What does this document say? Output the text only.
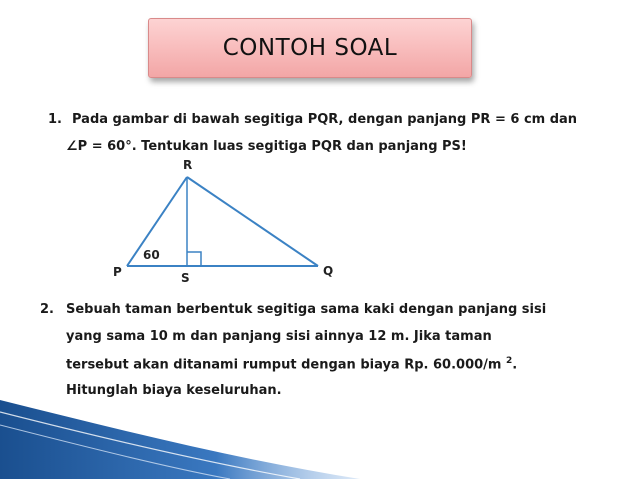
CONTOH SOAL
1. Pada gambar di bawah segitiga PQR, dengan panjang PR = 6 cm dan
∠P = 60°. Tentukan luas segitiga PQR dan panjang PS!
R
P	S	Q
60
2. Sebuah taman berbentuk segitiga sama kaki dengan panjang sisi
yang sama 10 m dan panjang sisi ainnya 12 m. Jika taman
tersebut akan ditanami rumput dengan biaya Rp. 60.000/m $^2$.
Hitunglah biaya keseluruhan.
